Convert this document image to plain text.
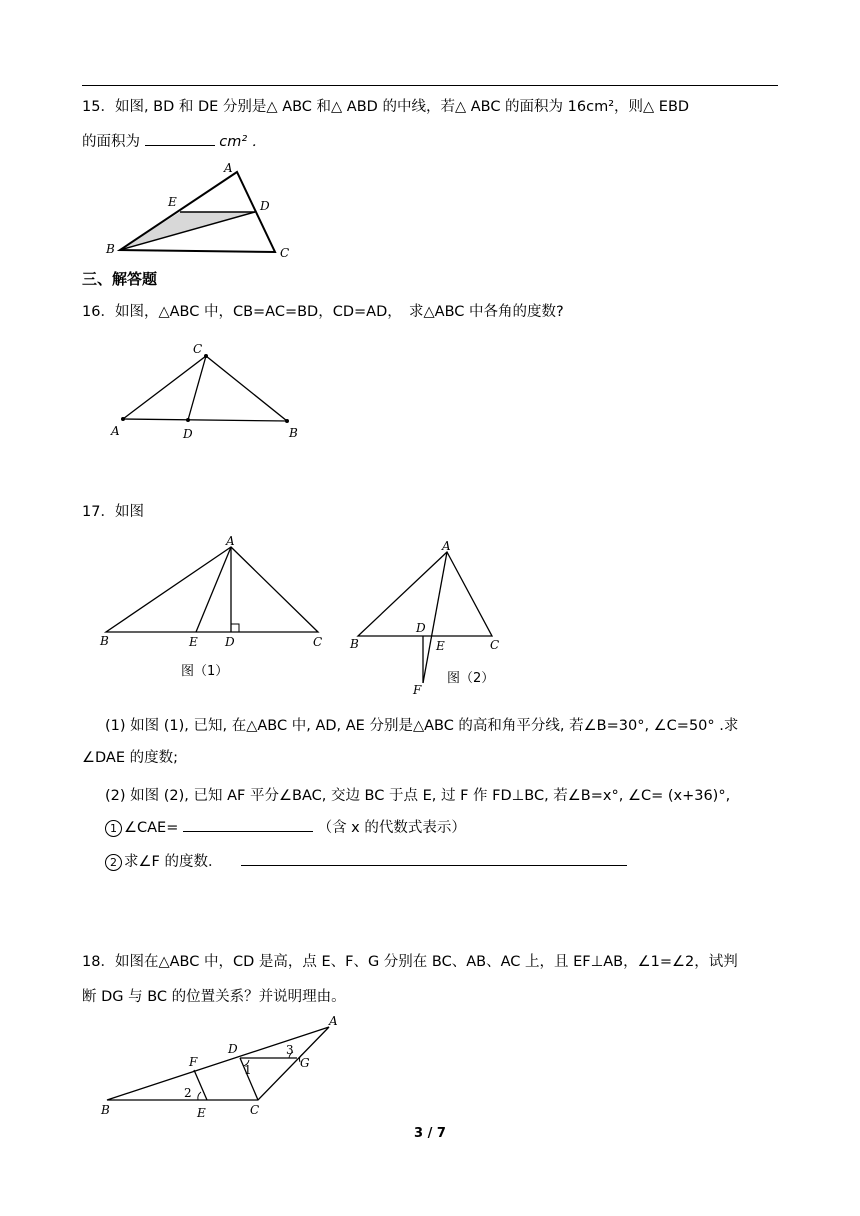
15．如图, BD 和 DE 分别是△ ABC 和△ ABD 的中线，若△ ABC 的面积为 16cm²，则△ EBD
的面积为	cm² ．
A
B	C
D
E
A	B
C
D
A
B	C
D
E
图（1）
A
B	C
D
E
F
图（2）
A
B	C
D
E
F	G
1
2
3
三、解答题
16．如图，△ABC 中，CB=AC=BD，CD=AD，　求△ABC 中各角的度数?
17．如图
(1) 如图 (1), 已知, 在△ABC 中, AD, AE 分别是△ABC 的高和角平分线, 若∠B=30°, ∠C=50° .求
∠DAE 的度数;
(2) 如图 (2), 已知 AF 平分∠BAC, 交边 BC 于点 E, 过 F 作 FD⊥BC, 若∠B=x°, ∠C= (x+36)°,
1 ∠CAE=	（含 x 的代数式表示）
2 求∠F 的度数．
18．如图在△ABC 中，CD 是高，点 E、F、G 分别在 BC、AB、AC 上，且 EF⊥AB，∠1=∠2，试判
断 DG 与 BC 的位置关系？并说明理由。
3 / 7
